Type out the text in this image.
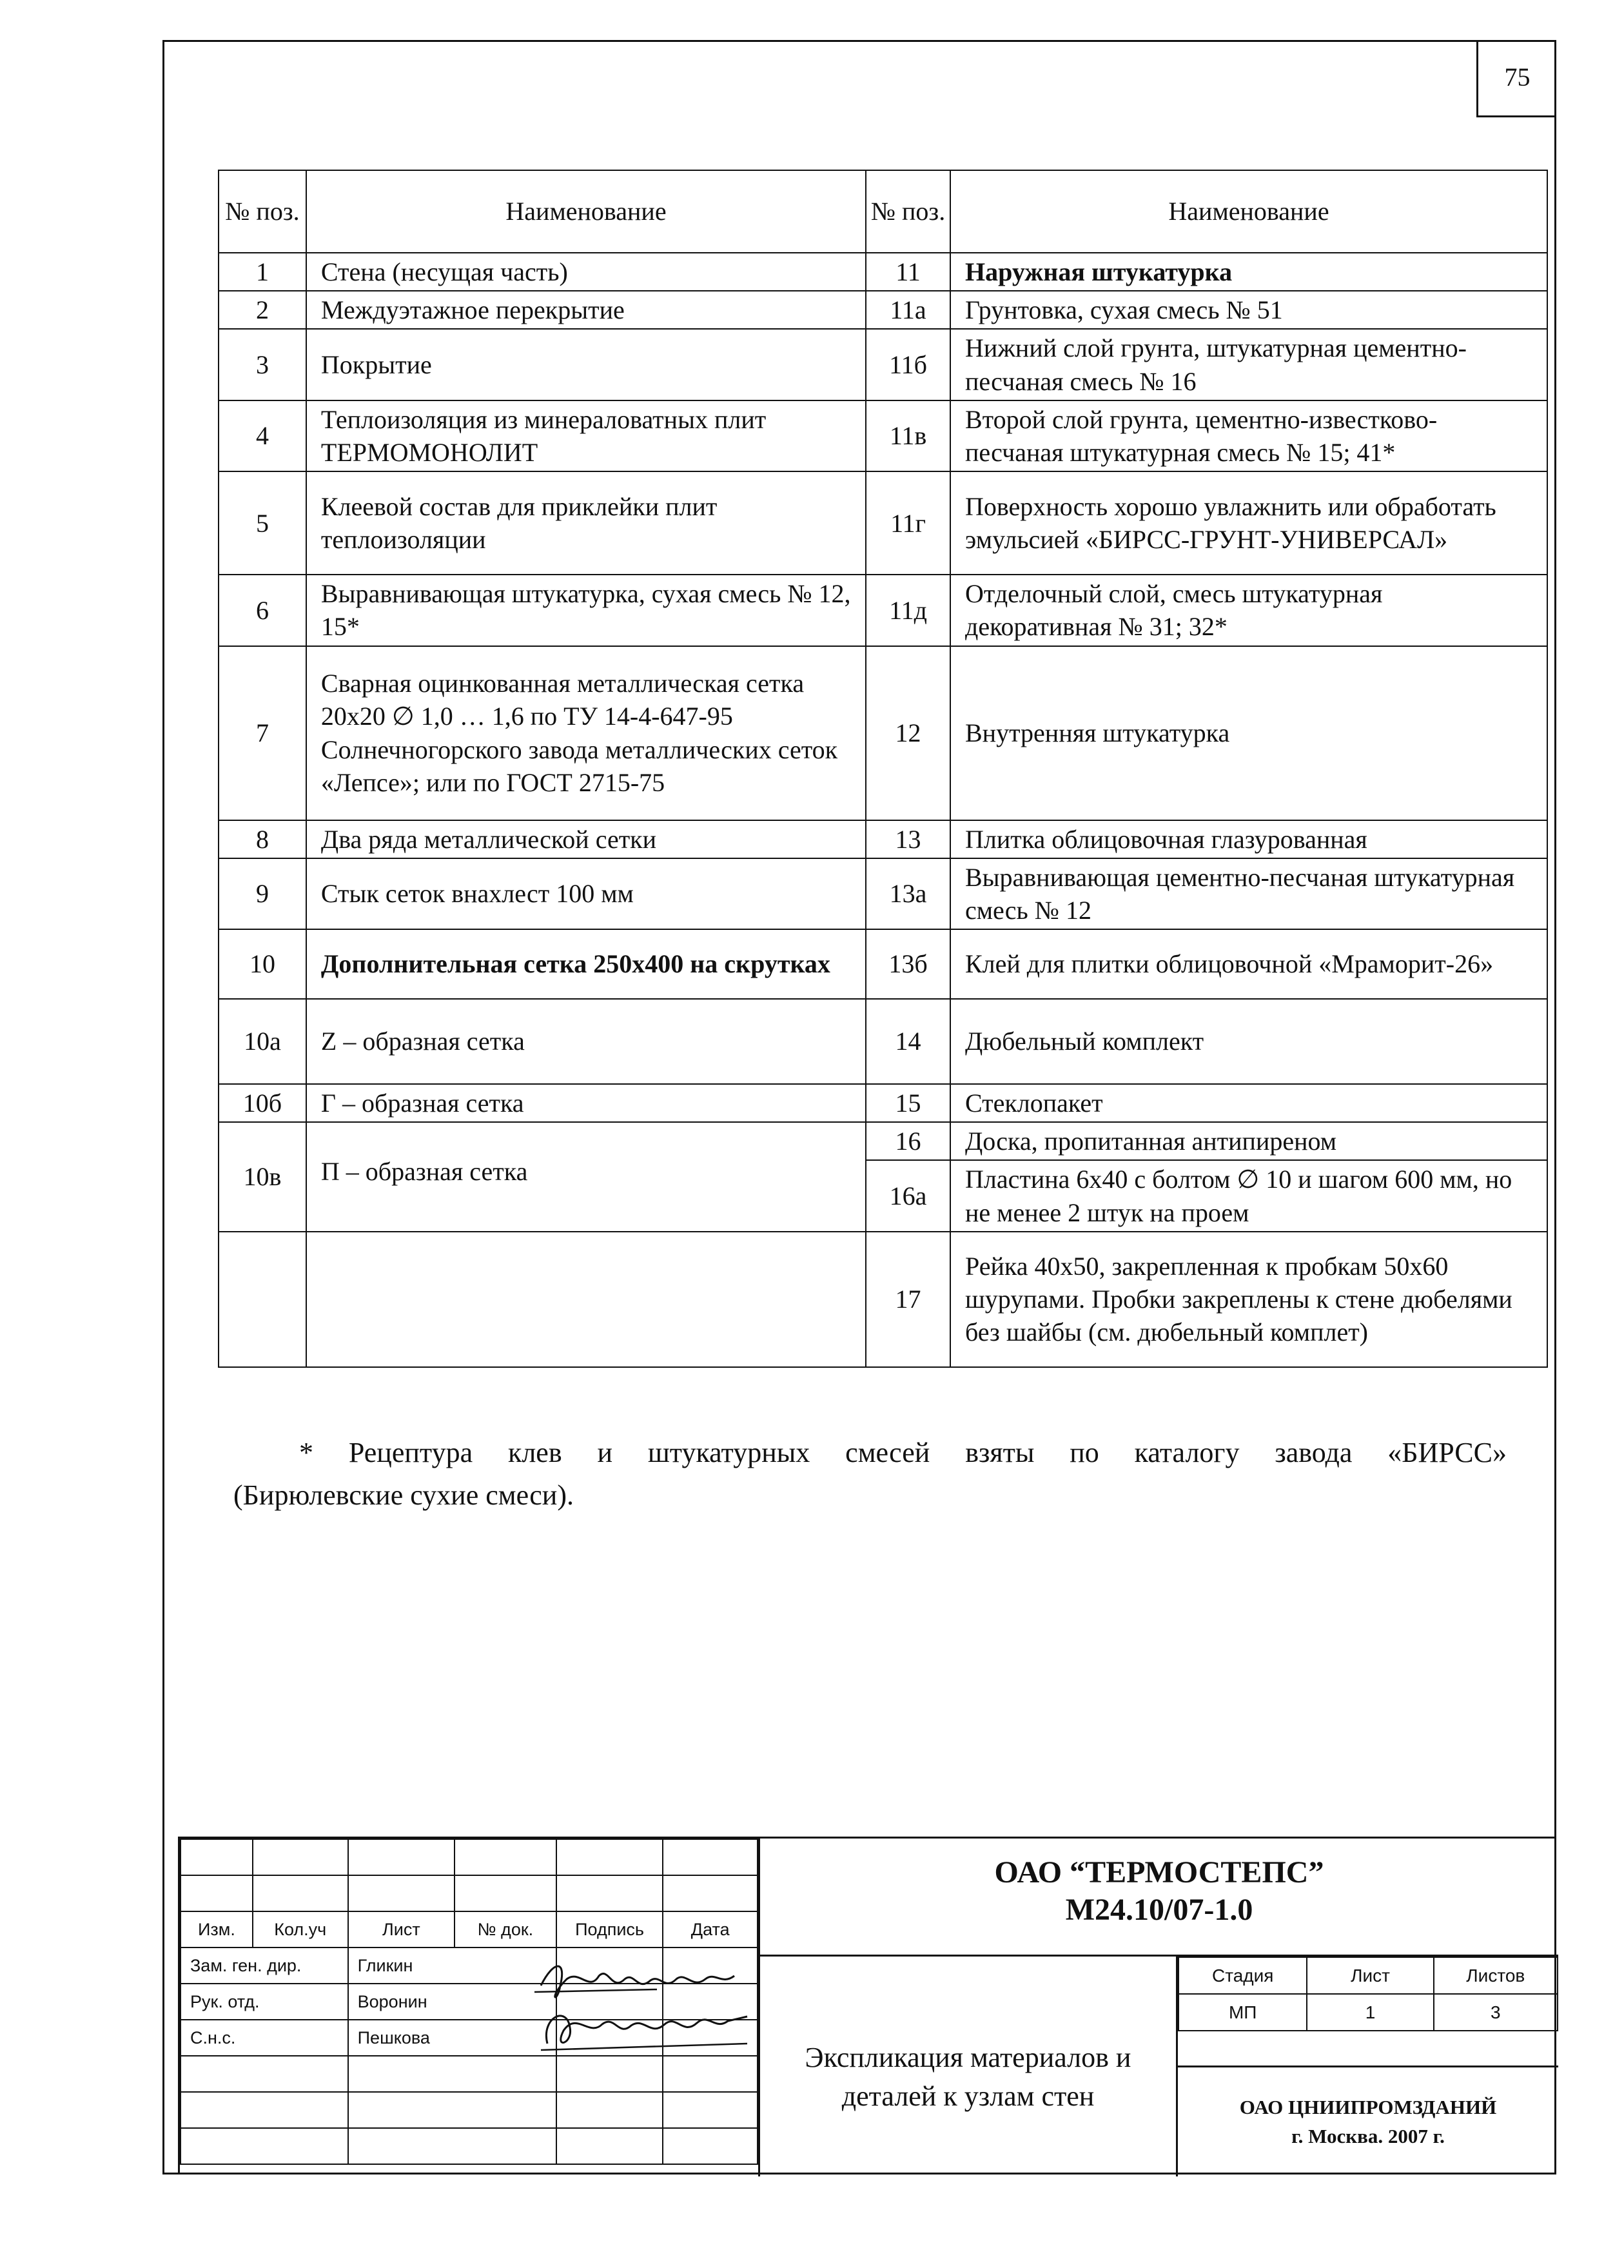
75
№ поз.	Наименование	№ поз.	Наименование
1	Стена (несущая часть)	11	Наружная штукатурка
2	Междуэтажное перекрытие	11а	Грунтовка, сухая смесь № 51
3	Покрытие	11б	Нижний слой грунта, штукатурная цементно-песчаная смесь № 16
4	Теплоизоляция из минераловатных плит ТЕРМОМОНОЛИТ	11в	Второй слой грунта, цементно-известково-песчаная штукатурная смесь № 15; 41*
5	Клеевой состав для приклейки плит теплоизоляции	11г	Поверхность хорошо увлажнить или обработать эмульсией «БИРСС-ГРУНТ-УНИВЕРСАЛ»
6	Выравнивающая штукатурка, сухая смесь № 12, 15*	11д	Отделочный слой, смесь штукатурная декоративная № 31; 32*
7	Сварная оцинкованная металлическая сетка 20х20 ∅ 1,0 … 1,6 по ТУ 14-4-647-95 Солнечногорского завода металлических сеток «Лепсе»; или по ГОСТ 2715-75	12	Внутренняя штукатурка
8	Два ряда металлической сетки	13	Плитка облицовочная глазурованная
9	Стык сеток внахлест 100 мм	13а	Выравнивающая цементно-песчаная штукатурная смесь № 12
10	Дополнительная сетка 250х400 на скрутках	13б	Клей для плитки облицовочной «Мраморит-26»
10а	Z – образная сетка	14	Дюбельный комплект
10б	Г – образная сетка	15	Стеклопакет
10в	П – образная сетка	16	Доска, пропитанная антипиреном
		16а	Пластина 6х40 с болтом ∅ 10 и шагом 600 мм, но не менее 2 штук на проем
		17	Рейка 40х50, закрепленная к пробкам 50х60 шурупами. Пробки закреплены к стене дюбелями без шайбы (см. дюбельный комплет)

* Рецептура клев и штукатурных смесей взяты по каталогу завода «БИРСС»

(Бирюлевские сухие смеси).

Изм.	Кол.уч	Лист	№ док.	Подпись	Дата
Зам. ген. дир.		Гликин			
Рук. отд.		Воронин			
С.н.с.		Пешкова			

ОАО “ТЕРМОСТЕПС”
М24.10/07-1.0
Экспликация материалов и деталей к узлам стен
Стадия	Лист	Листов
МП	1	3
ОАО ЦНИИПРОМЗДАНИЙ
г. Москва. 2007 г.
